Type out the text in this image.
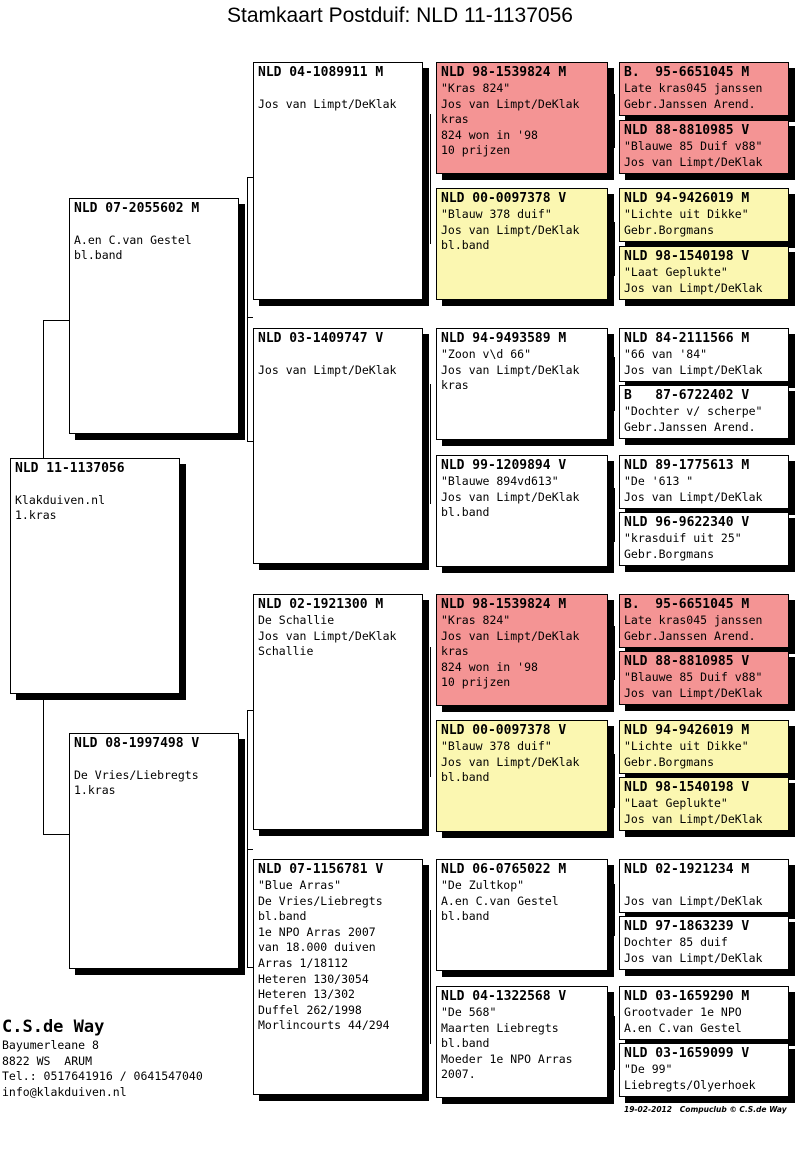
Stamkaart Postduif: NLD 11-1137056
NLD 11-1137056

Klakduiven.nl
1.kras
NLD 07-2055602 M

A.en C.van Gestel
bl.band
NLD 08-1997498 V

De Vries/Liebregts
1.kras
NLD 04-1089911 M

Jos van Limpt/DeKlak
NLD 03-1409747 V

Jos van Limpt/DeKlak
NLD 02-1921300 M
De Schallie
Jos van Limpt/DeKlak
Schallie
NLD 07-1156781 V
"Blue Arras"
De Vries/Liebregts
bl.band
1e NPO Arras 2007
van 18.000 duiven
Arras 1/18112
Heteren 130/3054
Heteren 13/302
Duffel 262/1998
Morlincourts 44/294
NLD 98-1539824 M
"Kras 824"
Jos van Limpt/DeKlak
kras
824 won in '98
10 prijzen
NLD 00-0097378 V
"Blauw 378 duif"
Jos van Limpt/DeKlak
bl.band
NLD 94-9493589 M
"Zoon v\d 66"
Jos van Limpt/DeKlak
kras
NLD 99-1209894 V
"Blauwe 894vd613"
Jos van Limpt/DeKlak
bl.band
NLD 98-1539824 M
"Kras 824"
Jos van Limpt/DeKlak
kras
824 won in '98
10 prijzen
NLD 00-0097378 V
"Blauw 378 duif"
Jos van Limpt/DeKlak
bl.band
NLD 06-0765022 M
"De Zultkop"
A.en C.van Gestel
bl.band
NLD 04-1322568 V
"De 568"
Maarten Liebregts
bl.band
Moeder 1e NPO Arras
2007.
B.  95-6651045 M
Late kras045 janssen
Gebr.Janssen Arend.
NLD 88-8810985 V
"Blauwe 85 Duif v88"
Jos van Limpt/DeKlak
NLD 94-9426019 M
"Lichte uit Dikke"
Gebr.Borgmans
NLD 98-1540198 V
"Laat Geplukte"
Jos van Limpt/DeKlak
NLD 84-2111566 M
"66 van '84"
Jos van Limpt/DeKlak
B   87-6722402 V
"Dochter v/ scherpe"
Gebr.Janssen Arend.
NLD 89-1775613 M
"De '613 "
Jos van Limpt/DeKlak
NLD 96-9622340 V
"krasduif uit 25"
Gebr.Borgmans
B.  95-6651045 M
Late kras045 janssen
Gebr.Janssen Arend.
NLD 88-8810985 V
"Blauwe 85 Duif v88"
Jos van Limpt/DeKlak
NLD 94-9426019 M
"Lichte uit Dikke"
Gebr.Borgmans
NLD 98-1540198 V
"Laat Geplukte"
Jos van Limpt/DeKlak
NLD 02-1921234 M

Jos van Limpt/DeKlak
NLD 97-1863239 V
Dochter 85 duif
Jos van Limpt/DeKlak
NLD 03-1659290 M
Grootvader 1e NPO
A.en C.van Gestel
NLD 03-1659099 V
"De 99"
Liebregts/Olyerhoek
C.S.de Way
Bayumerleane 8
8822 WS  ARUM
Tel.: 0517641916 / 0641547040
info@klakduiven.nl
19-02-2012   Compuclub © C.S.de Way
